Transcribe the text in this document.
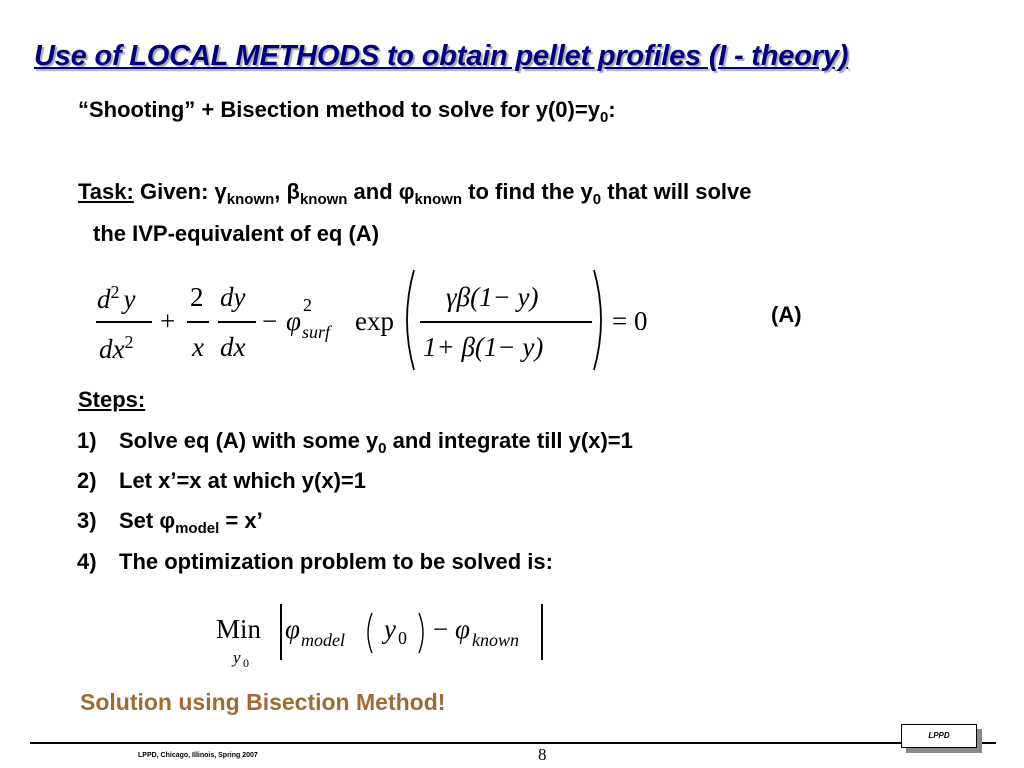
Use of LOCAL METHODS to obtain pellet profiles (I - theory)
“Shooting” + Bisection method to solve for $y(0)=y_0$:
Task: Given: $\gamma_{known}$, $\beta_{known}$ and $\varphi_{known}$ to find the $y_0$ that will solve
the IVP-equivalent of eq (A)
$d^2$ y
$dx^2$
+
2
x
dy
dx
− φ
2
surf exp
γβ(1− y)
1+ β(1− y)
= 0	(A)
Steps:
1) Solve eq (A) with some $y_0$ and integrate till y(x)=1
2) Let x’=x at which y(x)=1
3) Set $\varphi_{model} = x$’
4) The optimization problem to be solved is:
Min
y 0
φ model y 0 − φ known
Solution using Bisection Method!
LPPD, Chicago, Illinois, Spring 2007	8
LPPD
